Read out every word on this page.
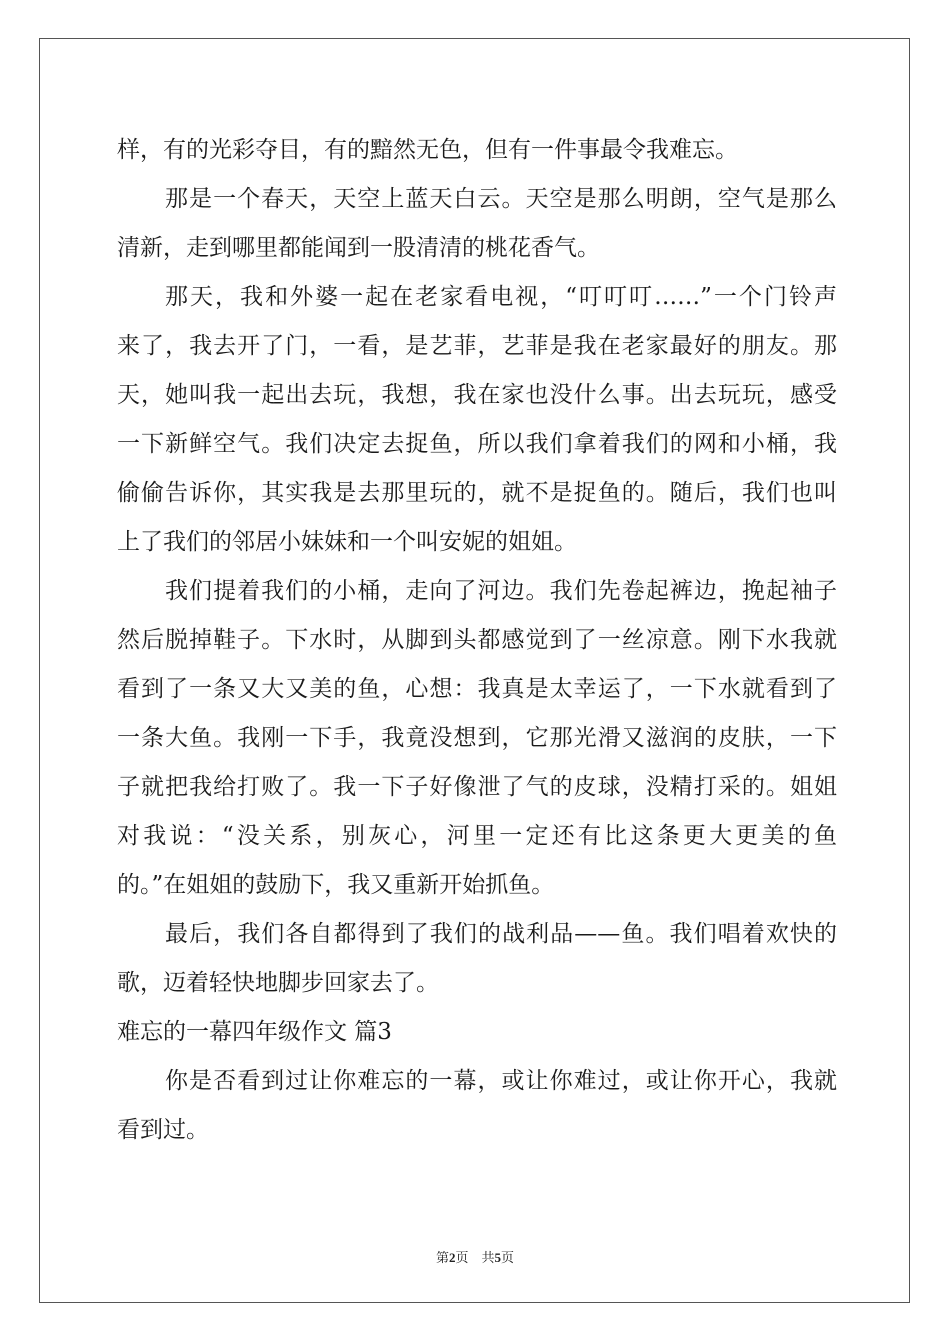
样，有的光彩夺目，有的黯然无色，但有一件事最令我难忘。
那是一个春天，天空上蓝天白云。天空是那么明朗，空气是那么
清新，走到哪里都能闻到一股清清的桃花香气。
那天，我和外婆一起在老家看电视，“叮叮叮……”一个门铃声
来了，我去开了门，一看，是艺菲，艺菲是我在老家最好的朋友。那
天，她叫我一起出去玩，我想，我在家也没什么事。出去玩玩，感受
一下新鲜空气。我们决定去捉鱼，所以我们拿着我们的网和小桶，我
偷偷告诉你，其实我是去那里玩的，就不是捉鱼的。随后，我们也叫
上了我们的邻居小妹妹和一个叫安妮的姐姐。
我们提着我们的小桶，走向了河边。我们先卷起裤边，挽起袖子
然后脱掉鞋子。下水时，从脚到头都感觉到了一丝凉意。刚下水我就
看到了一条又大又美的鱼，心想：我真是太幸运了，一下水就看到了
一条大鱼。我刚一下手，我竟没想到，它那光滑又滋润的皮肤，一下
子就把我给打败了。我一下子好像泄了气的皮球，没精打采的。姐姐
对我说：“没关系，别灰心，河里一定还有比这条更大更美的鱼
的。”在姐姐的鼓励下，我又重新开始抓鱼。
最后，我们各自都得到了我们的战利品——鱼。我们唱着欢快的
歌，迈着轻快地脚步回家去了。
难忘的一幕四年级作文 篇3
你是否看到过让你难忘的一幕，或让你难过，或让你开心，我就
看到过。
第2页　共5页
